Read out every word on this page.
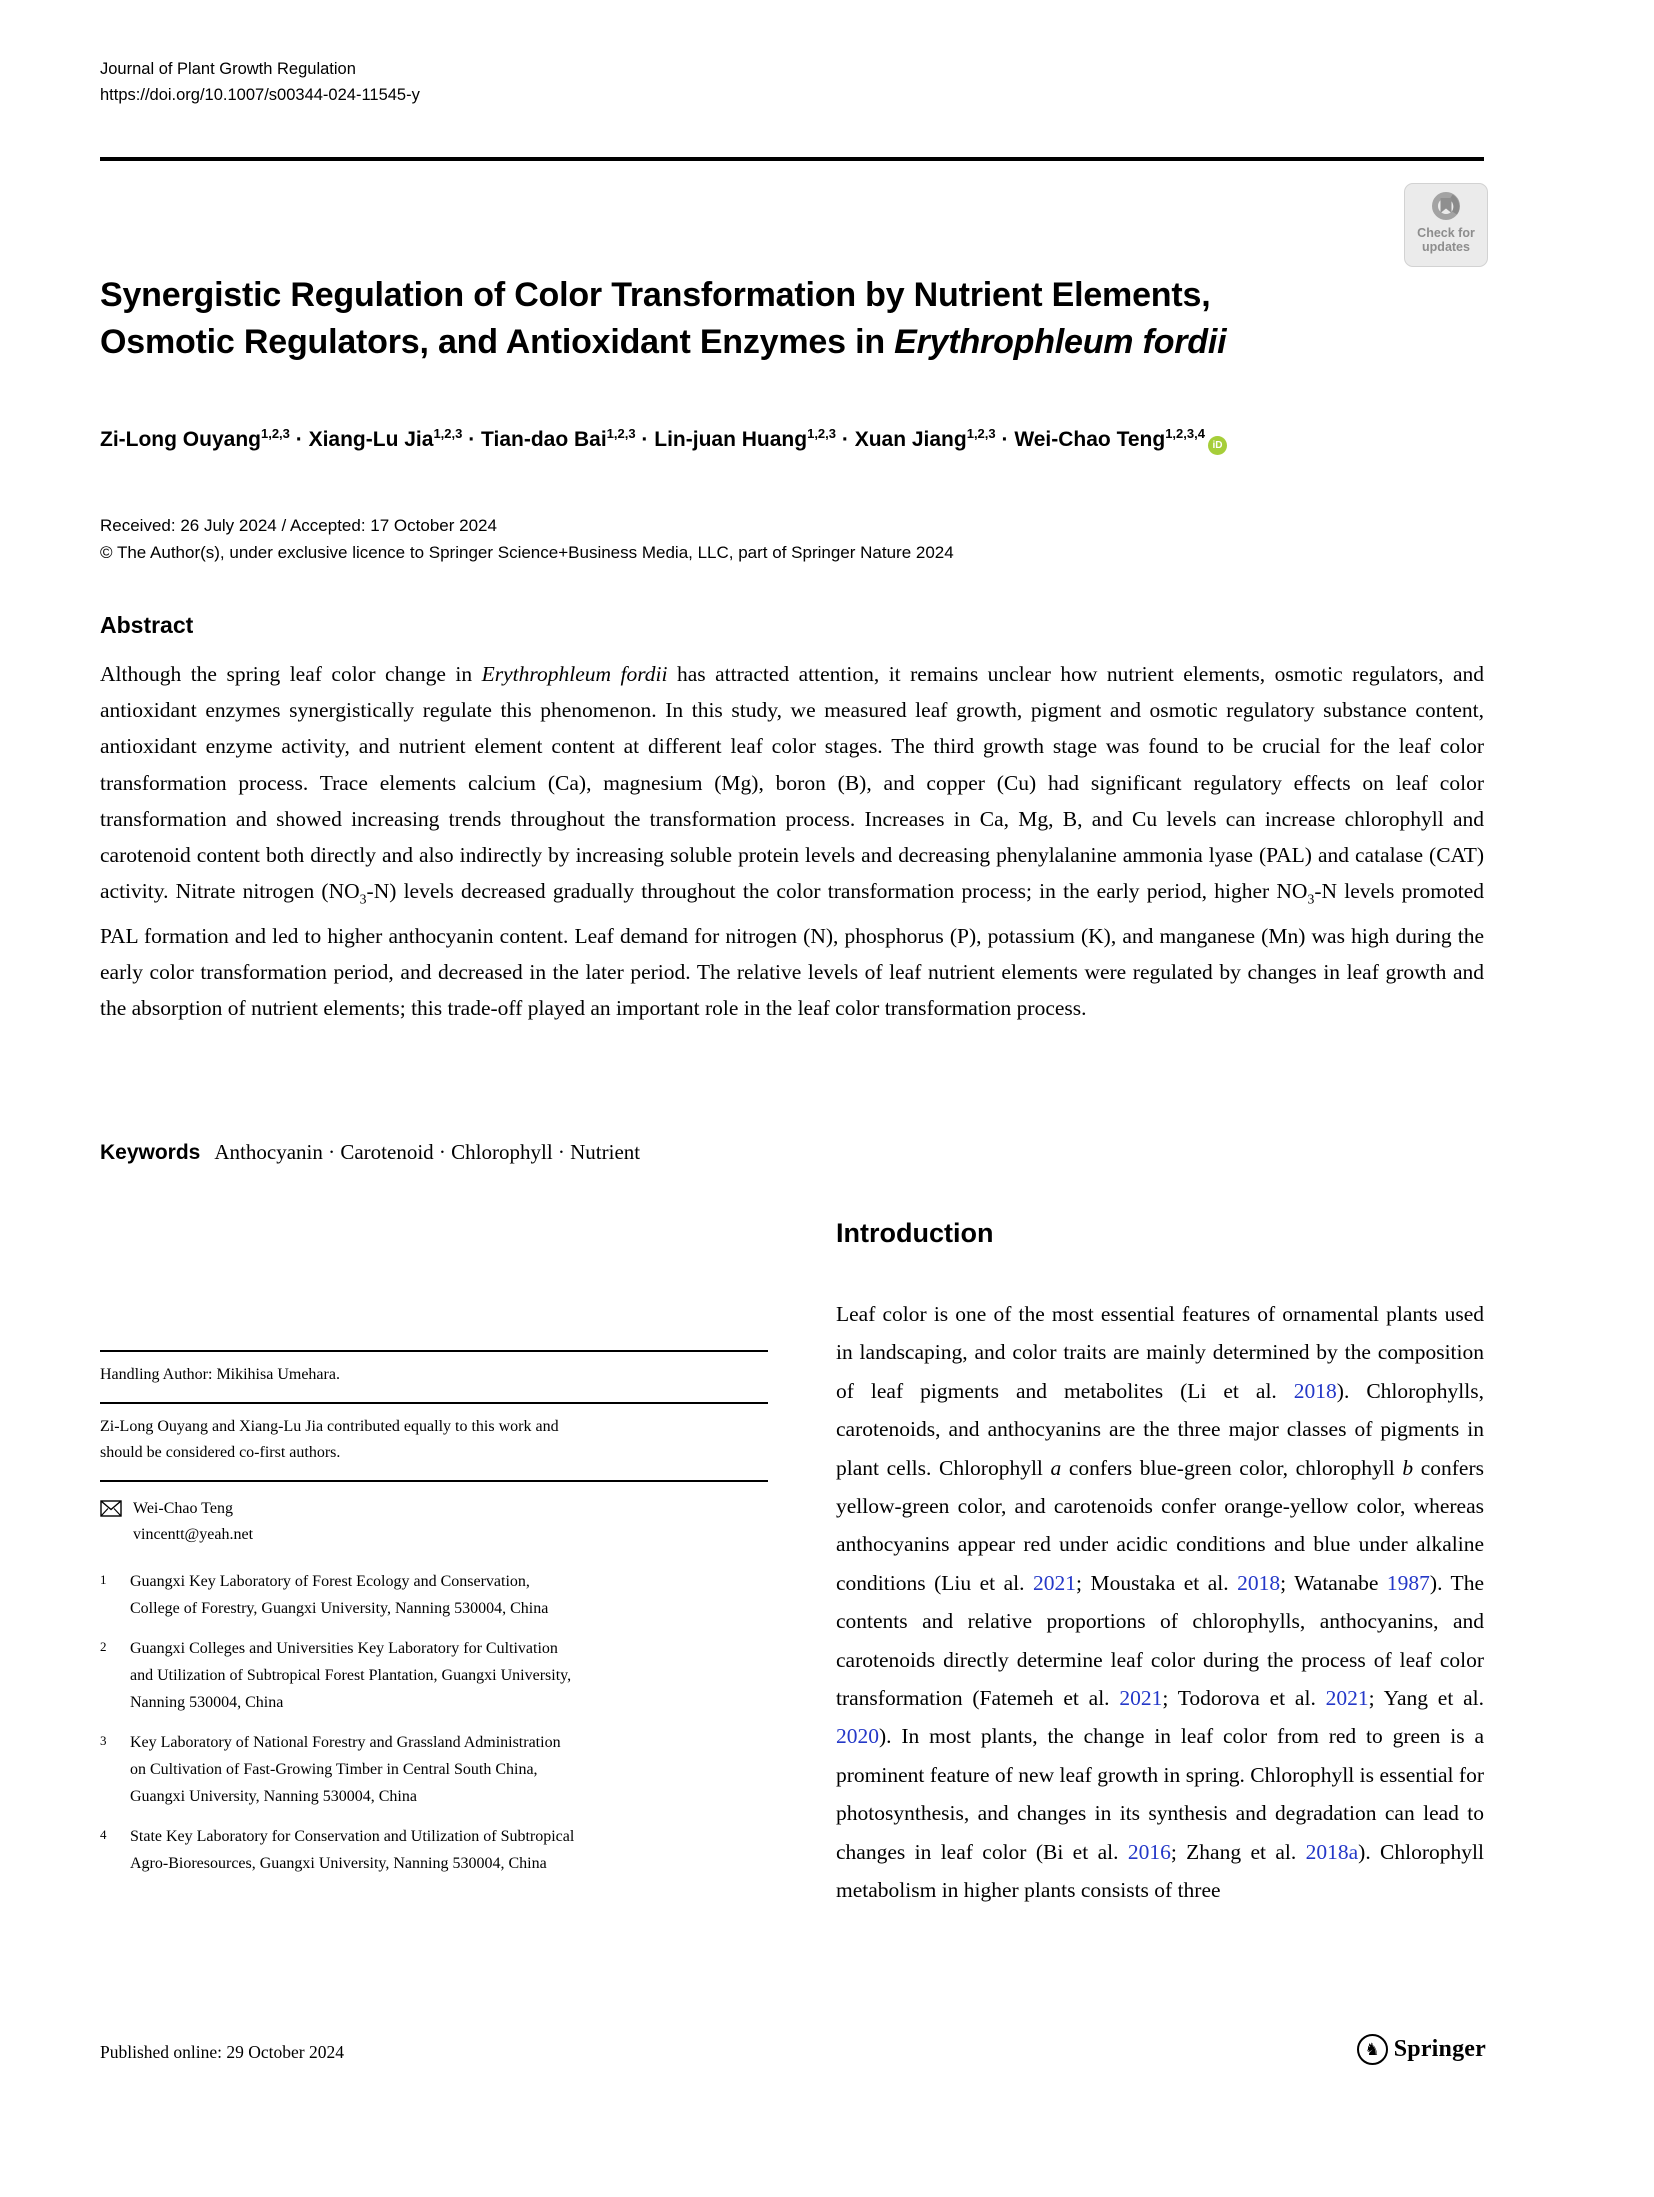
Journal of Plant Growth Regulation
https://doi.org/10.1007/s00344-024-11545-y
Check for
updates
Synergistic Regulation of Color Transformation by Nutrient Elements,
Osmotic Regulators, and Antioxidant Enzymes in Erythrophleum fordii
Zi-Long Ouyang$^{1,2,3}$ · Xiang-Lu Jia$^{1,2,3}$ · Tian-dao Bai$^{1,2,3}$ · Lin-juan Huang$^{1,2,3}$ · Xuan Jiang$^{1,2,3}$ · Wei-Chao Teng$^{1,2,3,4}$iD
Received: 26 July 2024 / Accepted: 17 October 2024
© The Author(s), under exclusive licence to Springer Science+Business Media, LLC, part of Springer Nature 2024
Abstract

Although the spring leaf color change in Erythrophleum fordii has attracted attention, it remains unclear how nutrient elements, osmotic regulators, and antioxidant enzymes synergistically regulate this phenomenon. In this study, we measured leaf growth, pigment and osmotic regulatory substance content, antioxidant enzyme activity, and nutrient element content at different leaf color stages. The third growth stage was found to be crucial for the leaf color transformation process. Trace elements calcium (Ca), magnesium (Mg), boron (B), and copper (Cu) had significant regulatory effects on leaf color transformation and showed increasing trends throughout the transformation process. Increases in Ca, Mg, B, and Cu levels can increase chlorophyll and carotenoid content both directly and also indirectly by increasing soluble protein levels and decreasing phenylalanine ammonia lyase (PAL) and catalase (CAT) activity. Nitrate nitrogen $(NO_3-N)$ levels decreased gradually throughout the color transformation process; in the early period, higher $NO_3-N$ levels promoted PAL formation and led to higher anthocyanin content. Leaf demand for nitrogen (N), phosphorus (P), potassium (K), and manganese (Mn) was high during the early color transformation period, and decreased in the later period. The relative levels of leaf nutrient elements were regulated by changes in leaf growth and the absorption of nutrient elements; this trade-off played an important role in the leaf color transformation process.

Keywords Anthocyanin · Carotenoid · Chlorophyll · Nutrient
Handling Author: Mikihisa Umehara.
Zi-Long Ouyang and Xiang-Lu Jia contributed equally to this work and should be considered co-first authors.
Wei-Chao Teng
vincentt@yeah.net
1	Guangxi Key Laboratory of Forest Ecology and Conservation, College of Forestry, Guangxi University, Nanning 530004, China
2	Guangxi Colleges and Universities Key Laboratory for Cultivation and Utilization of Subtropical Forest Plantation, Guangxi University, Nanning 530004, China
3	Key Laboratory of National Forestry and Grassland Administration on Cultivation of Fast-Growing Timber in Central South China, Guangxi University, Nanning 530004, China
4	State Key Laboratory for Conservation and Utilization of Subtropical Agro-Bioresources, Guangxi University, Nanning 530004, China
Introduction

Leaf color is one of the most essential features of ornamental plants used in landscaping, and color traits are mainly determined by the composition of leaf pigments and metabolites (Li et al. 2018). Chlorophylls, carotenoids, and anthocyanins are the three major classes of pigments in plant cells. Chlorophyll a confers blue-green color, chlorophyll b confers yellow-green color, and carotenoids confer orange-yellow color, whereas anthocyanins appear red under acidic conditions and blue under alkaline conditions (Liu et al. 2021; Moustaka et al. 2018; Watanabe 1987). The contents and relative proportions of chlorophylls, anthocyanins, and carotenoids directly determine leaf color during the process of leaf color transformation (Fatemeh et al. 2021; Todorova et al. 2021; Yang et al. 2020). In most plants, the change in leaf color from red to green is a prominent feature of new leaf growth in spring. Chlorophyll is essential for photosynthesis, and changes in its synthesis and degradation can lead to changes in leaf color (Bi et al. 2016; Zhang et al. 2018a). Chlorophyll metabolism in higher plants consists of three

Published online: 29 October 2024	♞ Springer
